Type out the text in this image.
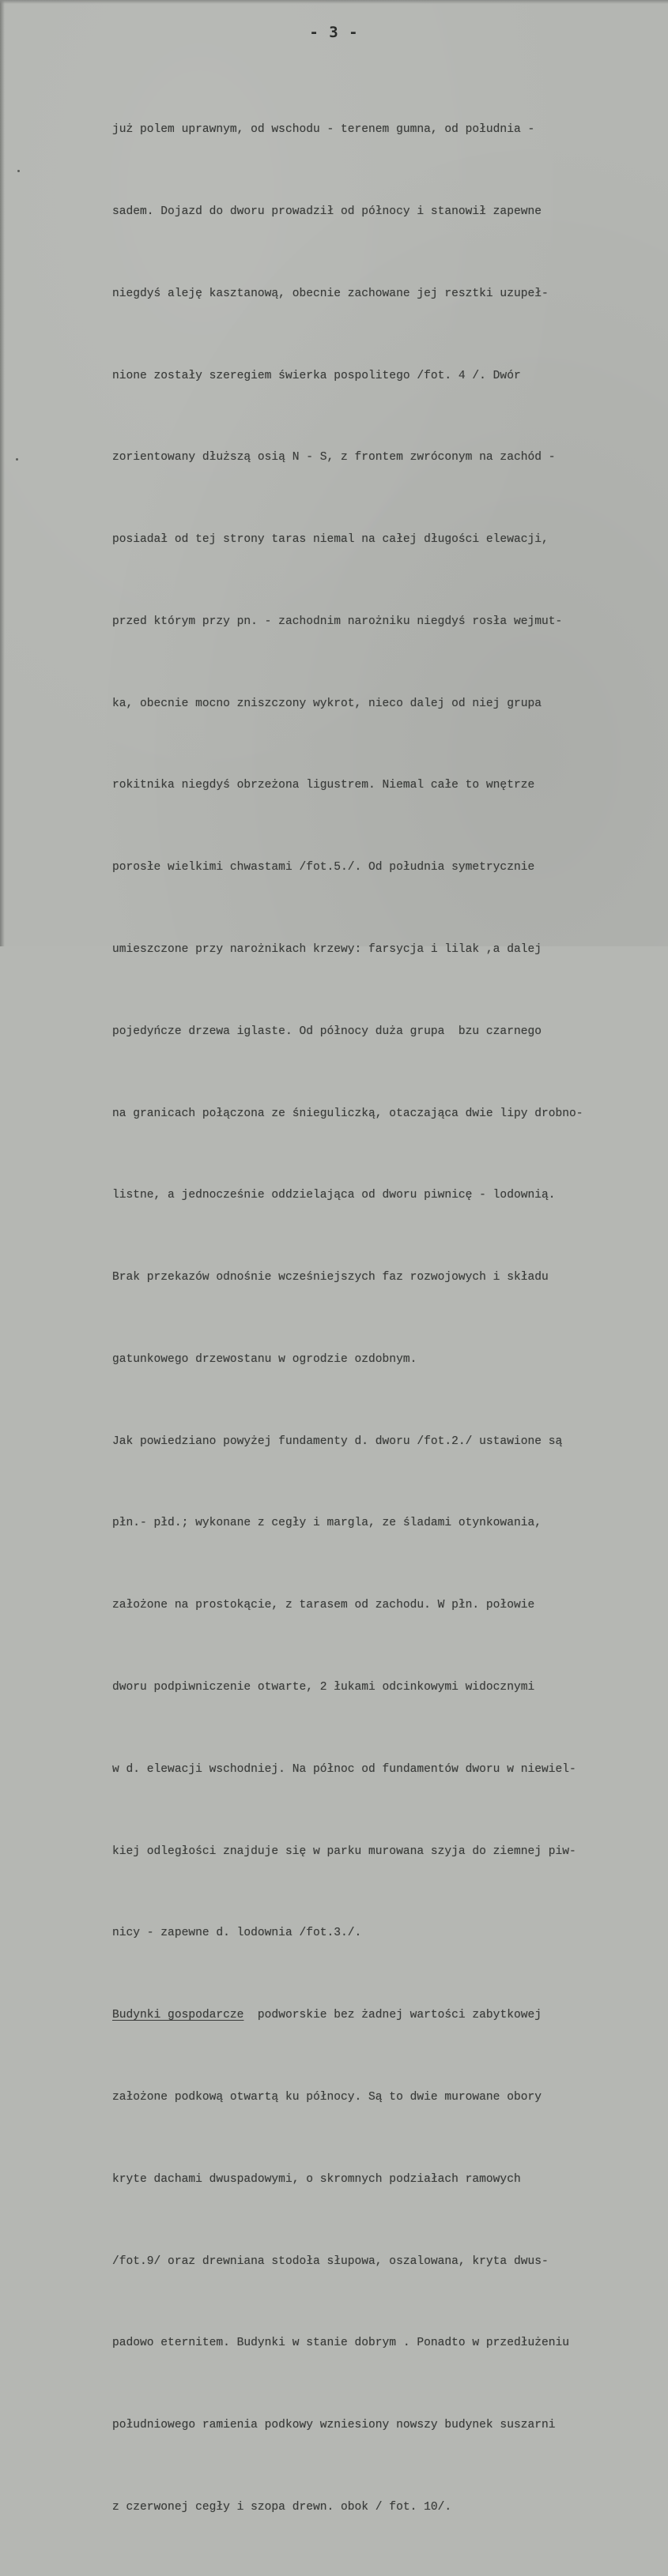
- 3 -

już polem uprawnym, od wschodu - terenem gumna, od południa -

sadem. Dojazd do dworu prowadził od północy i stanowił zapewne

niegdyś aleję kasztanową, obecnie zachowane jej resztki uzupeł-

nione zostały szeregiem świerka pospolitego /fot. 4 /. Dwór

zorientowany dłuższą osią N - S, z frontem zwróconym na zachód -

posiadał od tej strony taras niemal na całej długości elewacji,

przed którym przy pn. - zachodnim narożniku niegdyś rosła wejmut-

ka, obecnie mocno zniszczony wykrot, nieco dalej od niej grupa

rokitnika niegdyś obrzeżona ligustrem. Niemal całe to wnętrze

porosłe wielkimi chwastami /fot.5./. Od południa symetrycznie

umieszczone przy narożnikach krzewy: farsycja i lilak ,a dalej

pojedyńcze drzewa iglaste. Od północy duża grupa  bzu czarnego

na granicach połączona ze śnieguliczką, otaczająca dwie lipy drobno-

listne, a jednocześnie oddzielająca od dworu piwnicę - lodownią.

Brak przekazów odnośnie wcześniejszych faz rozwojowych i składu

gatunkowego drzewostanu w ogrodzie ozdobnym.

Jak powiedziano powyżej fundamenty d. dworu /fot.2./ ustawione są

płn.- płd.; wykonane z cegły i margla, ze śladami otynkowania,

założone na prostokącie, z tarasem od zachodu. W płn. połowie

dworu podpiwniczenie otwarte, 2 łukami odcinkowymi widocznymi

w d. elewacji wschodniej. Na północ od fundamentów dworu w niewiel-

kiej odległości znajduje się w parku murowana szyja do ziemnej piw-

nicy - zapewne d. lodownia /fot.3./.

Budynki gospodarcze  podworskie bez żadnej wartości zabytkowej

założone podkową otwartą ku północy. Są to dwie murowane obory

kryte dachami dwuspadowymi, o skromnych podziałach ramowych

/fot.9/ oraz drewniana stodoła słupowa, oszalowana, kryta dwus-

padowo eternitem. Budynki w stanie dobrym . Ponadto w przedłużeniu

południowego ramienia podkowy wzniesiony nowszy budynek suszarni

z czerwonej cegły i szopa drewn. obok / fot. 10/.
